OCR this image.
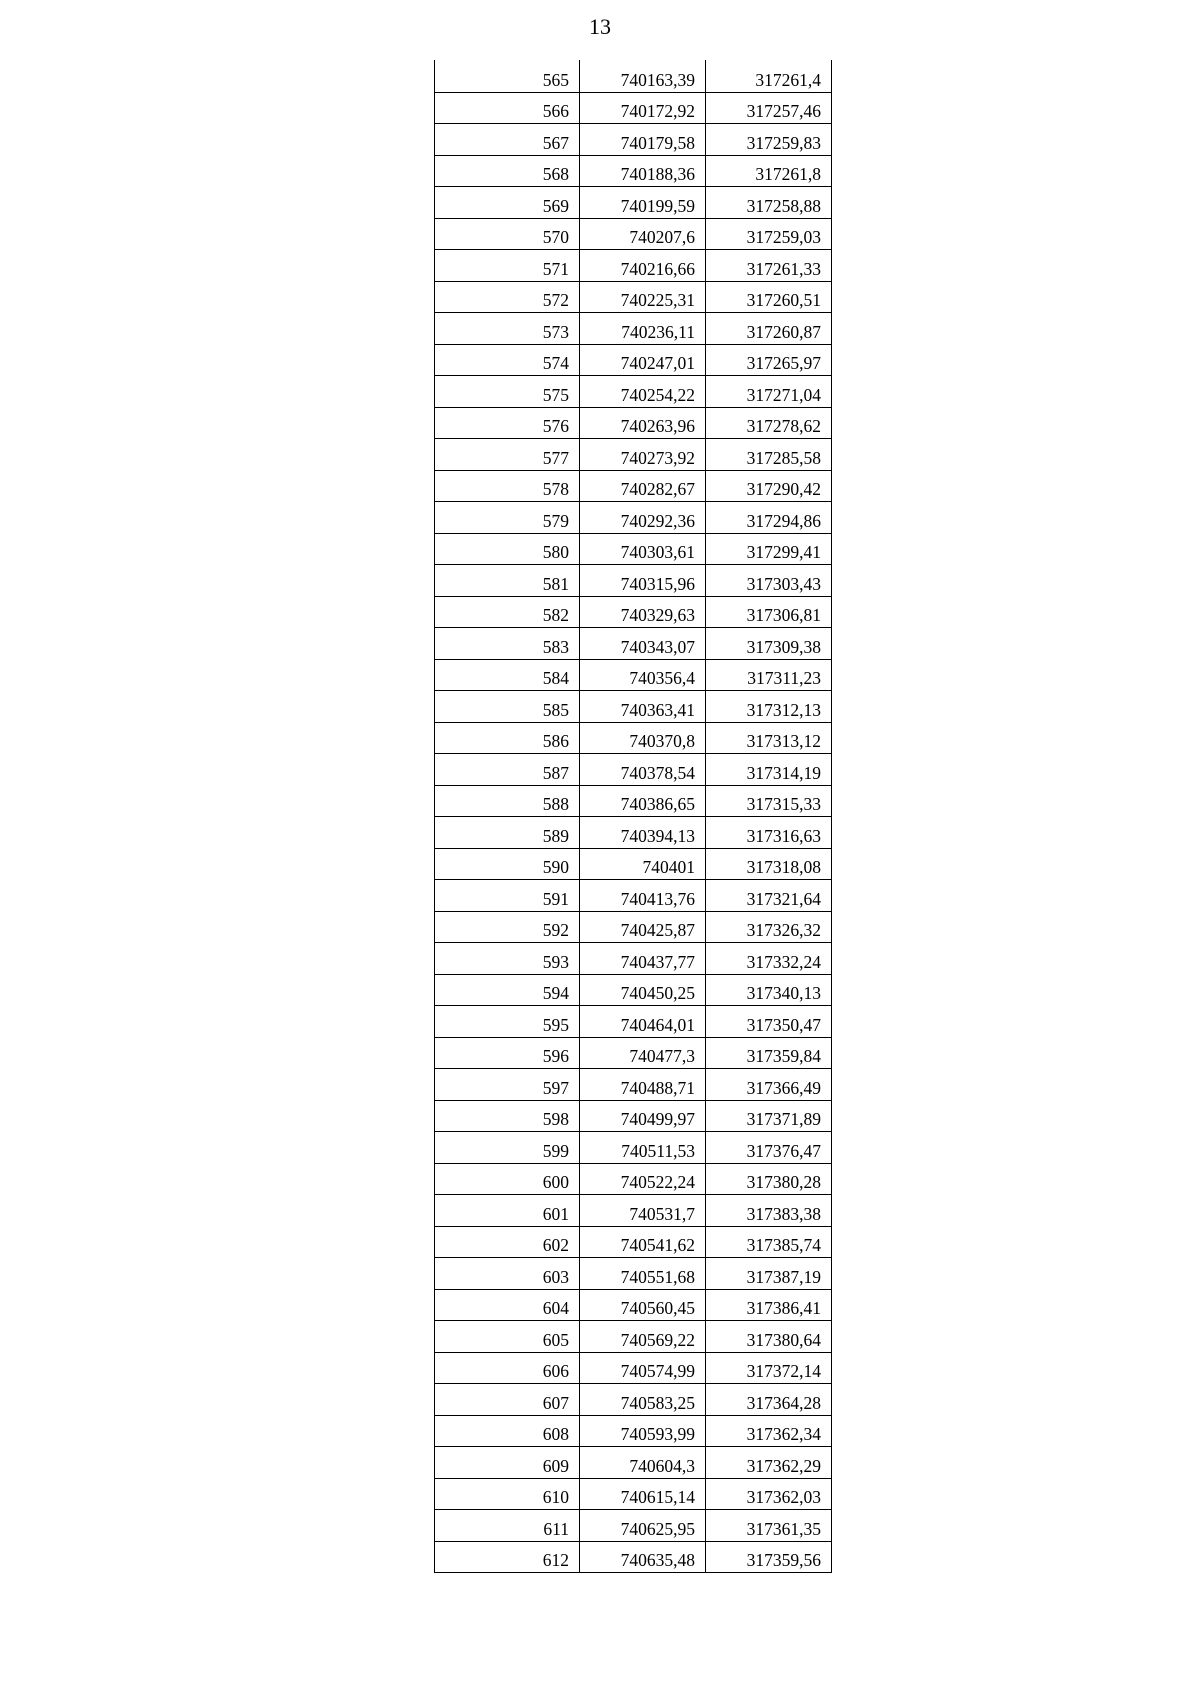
13
565	740163,39	317261,4
566	740172,92	317257,46
567	740179,58	317259,83
568	740188,36	317261,8
569	740199,59	317258,88
570	740207,6	317259,03
571	740216,66	317261,33
572	740225,31	317260,51
573	740236,11	317260,87
574	740247,01	317265,97
575	740254,22	317271,04
576	740263,96	317278,62
577	740273,92	317285,58
578	740282,67	317290,42
579	740292,36	317294,86
580	740303,61	317299,41
581	740315,96	317303,43
582	740329,63	317306,81
583	740343,07	317309,38
584	740356,4	317311,23
585	740363,41	317312,13
586	740370,8	317313,12
587	740378,54	317314,19
588	740386,65	317315,33
589	740394,13	317316,63
590	740401	317318,08
591	740413,76	317321,64
592	740425,87	317326,32
593	740437,77	317332,24
594	740450,25	317340,13
595	740464,01	317350,47
596	740477,3	317359,84
597	740488,71	317366,49
598	740499,97	317371,89
599	740511,53	317376,47
600	740522,24	317380,28
601	740531,7	317383,38
602	740541,62	317385,74
603	740551,68	317387,19
604	740560,45	317386,41
605	740569,22	317380,64
606	740574,99	317372,14
607	740583,25	317364,28
608	740593,99	317362,34
609	740604,3	317362,29
610	740615,14	317362,03
611	740625,95	317361,35
612	740635,48	317359,56
